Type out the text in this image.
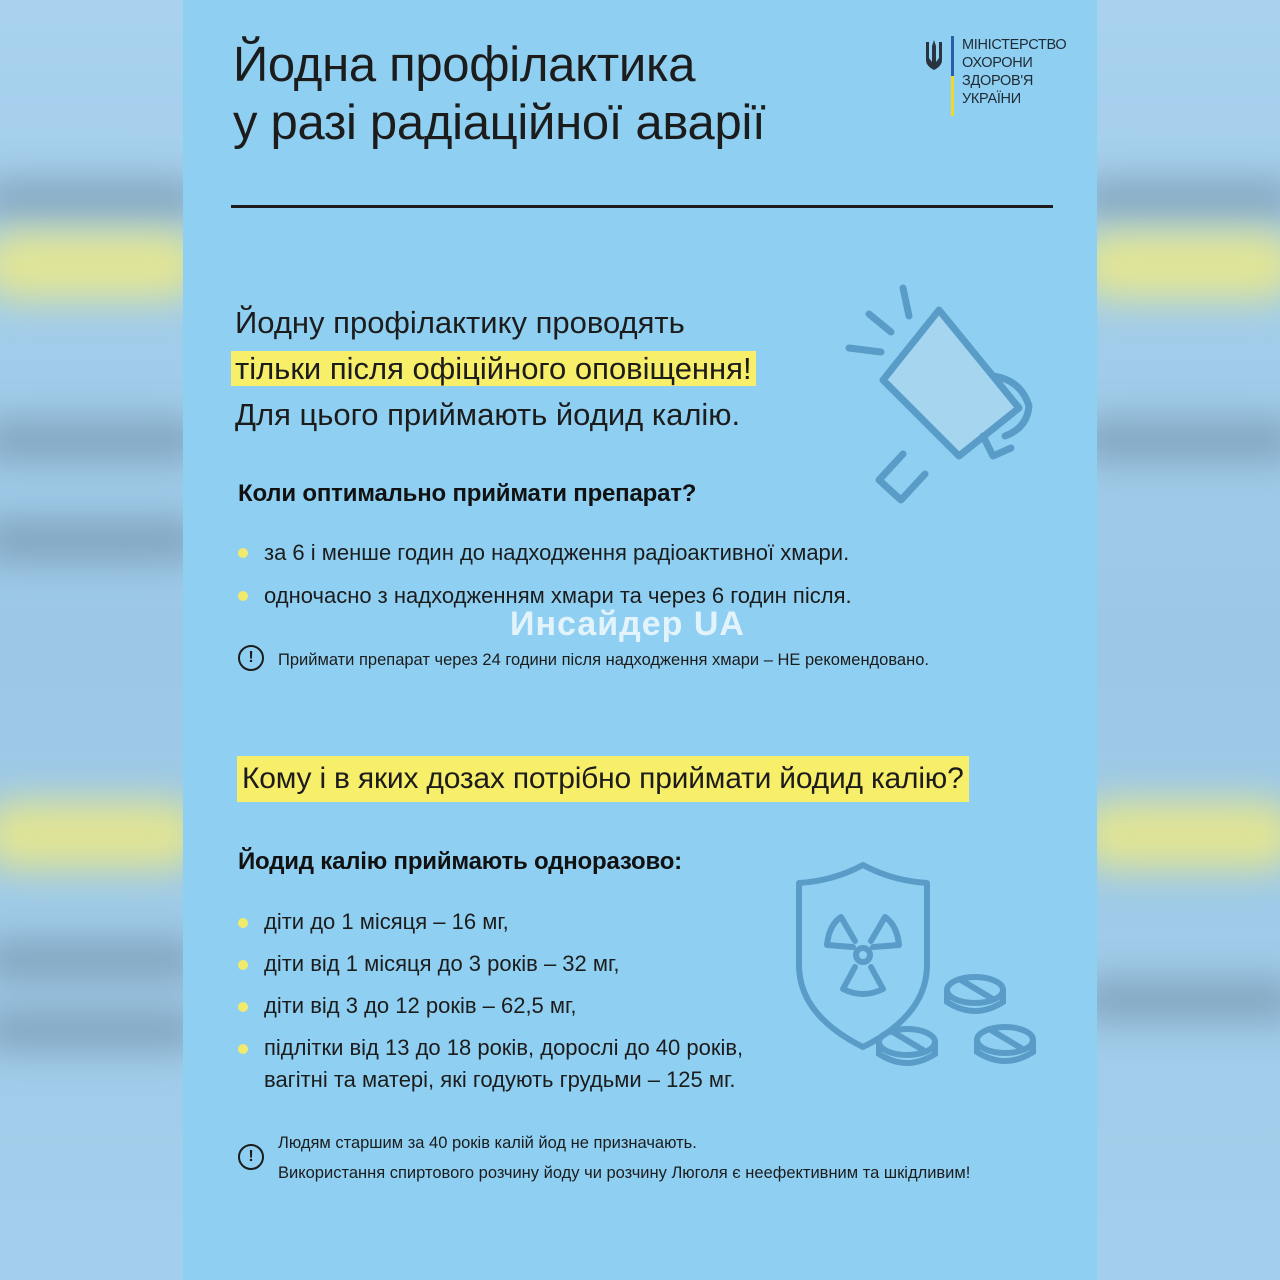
Йодна профілактика
у разі радіаційної аварії
МІНІСТЕРСТВО
ОХОРОНИ
ЗДОРОВ'Я
УКРАЇНИ
Йодну профілактику проводять
тільки після офіційного оповіщення!
Для цього приймають йодид калію.
Коли оптимально приймати препарат?
за 6 і менше годин до надходження радіоактивної хмари.
одночасно з надходженням хмари та через 6 годин після.
Инсайдер UA
!	Приймати препарат через 24 години після надходження хмари – НЕ рекомендовано.
Кому і в яких дозах потрібно приймати йодид калію?
Йодид калію приймають одноразово:
діти до 1 місяця – 16 мг,
діти від 1 місяця до 3 років – 32 мг,
діти від 3 до 12 років – 62,5 мг,
підлітки від 13 до 18 років, дорослі до 40 років,
вагітні та матері, які годують грудьми – 125 мг.
!
Людям старшим за 40 років калій йод не призначають.
Використання спиртового розчину йоду чи розчину Люголя є неефективним та шкідливим!
